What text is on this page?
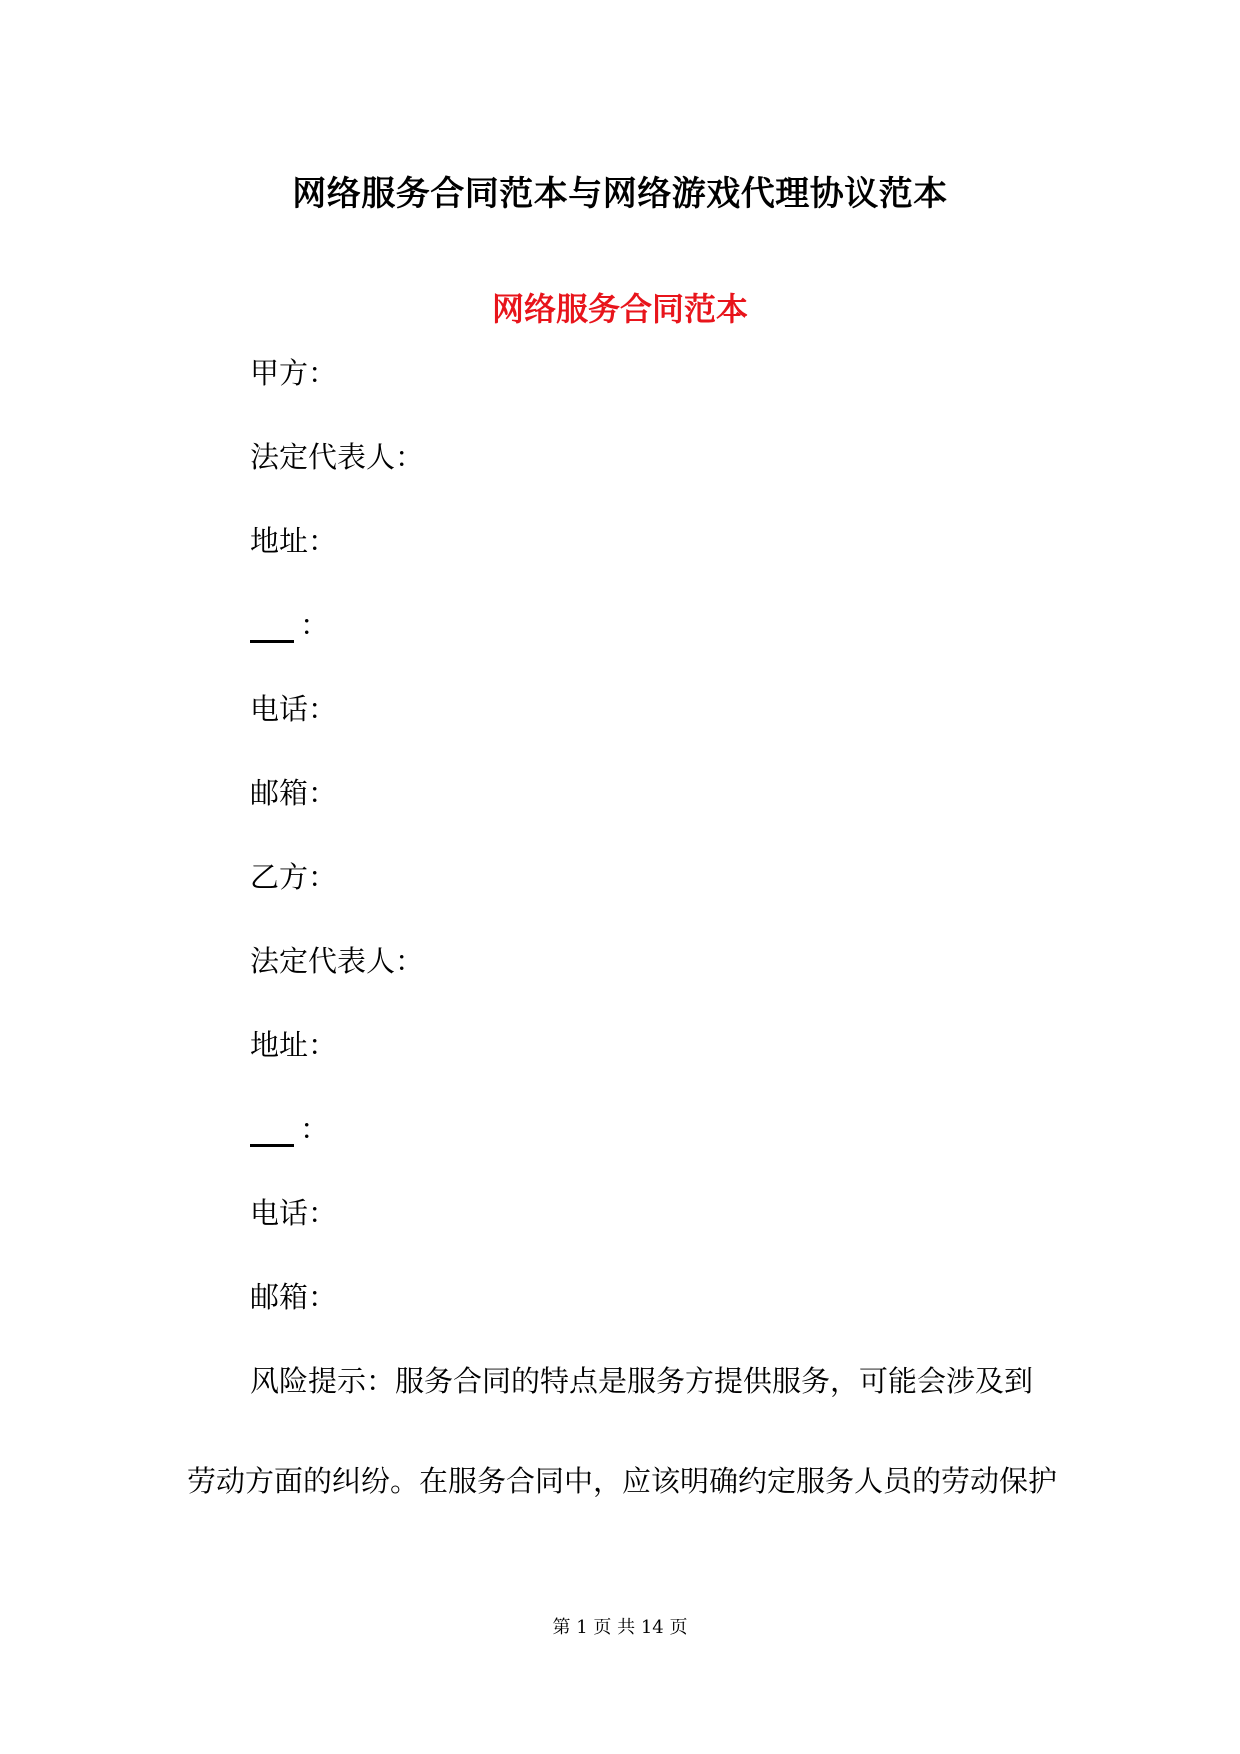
网络服务合同范本与网络游戏代理协议范本
网络服务合同范本
甲方：
法定代表人：
地址：
：
电话：
邮箱：
乙方：
法定代表人：
地址：
：
电话：
邮箱：
风险提示：服务合同的特点是服务方提供服务，可能会涉及到
劳动方面的纠纷。在服务合同中，应该明确约定服务人员的劳动保护
第 1 页 共 14 页
